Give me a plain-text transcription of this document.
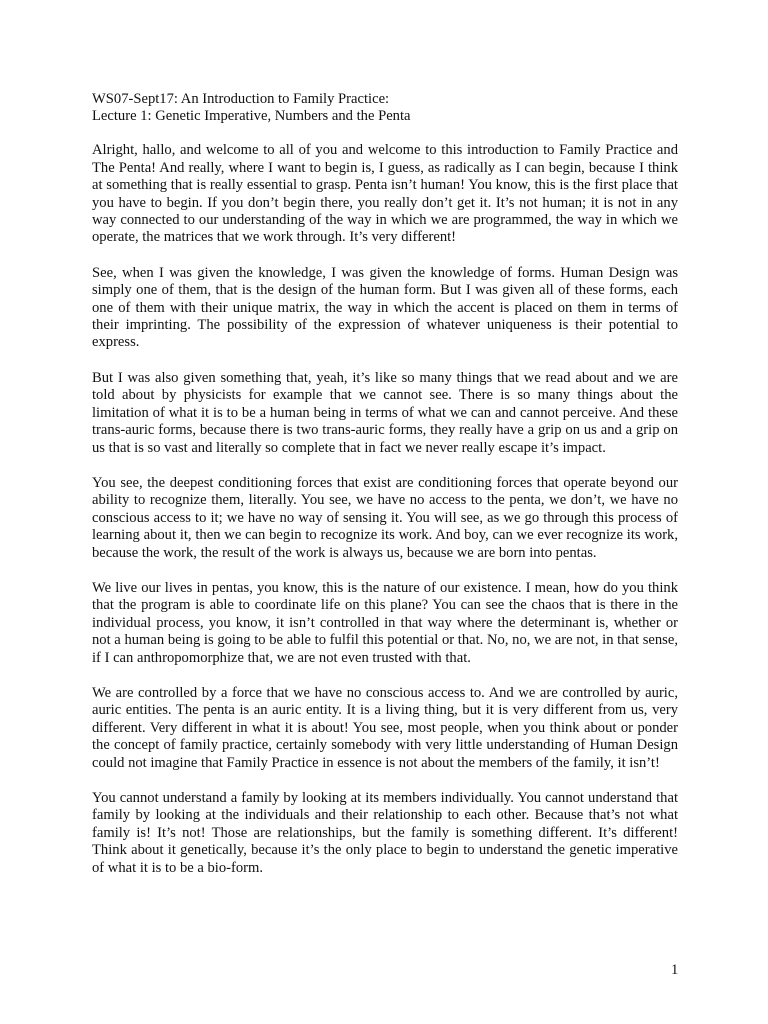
WS07-Sept17: An Introduction to Family Practice:

Lecture 1: Genetic Imperative, Numbers and the Penta

Alright, hallo, and welcome to all of you and welcome to this introduction to Family Practice and The Penta! And really, where I want to begin is, I guess, as radically as I can begin, because I think at something that is really essential to grasp. Penta isn’t human! You know, this is the first place that you have to begin. If you don’t begin there, you really don’t get it. It’s not human; it is not in any way connected to our understanding of the way in which we are programmed, the way in which we operate, the matrices that we work through. It’s very different!

See, when I was given the knowledge, I was given the knowledge of forms. Human Design was simply one of them, that is the design of the human form. But I was given all of these forms, each one of them with their unique matrix, the way in which the accent is placed on them in terms of their imprinting. The possibility of the expression of whatever uniqueness is their potential to express.

But I was also given something that, yeah, it’s like so many things that we read about and we are told about by physicists for example that we cannot see. There is so many things about the limitation of what it is to be a human being in terms of what we can and cannot perceive. And these trans-auric forms, because there is two trans-auric forms, they really have a grip on us and a grip on us that is so vast and literally so complete that in fact we never really escape it’s impact.

You see, the deepest conditioning forces that exist are conditioning forces that operate beyond our ability to recognize them, literally. You see, we have no access to the penta, we don’t, we have no conscious access to it; we have no way of sensing it. You will see, as we go through this process of learning about it, then we can begin to recognize its work. And boy, can we ever recognize its work, because the work, the result of the work is always us, because we are born into pentas.

We live our lives in pentas, you know, this is the nature of our existence. I mean, how do you think that the program is able to coordinate life on this plane? You can see the chaos that is there in the individual process, you know, it isn’t controlled in that way where the determinant is, whether or not a human being is going to be able to fulfil this potential or that. No, no, we are not, in that sense, if I can anthropomorphize that, we are not even trusted with that.

We are controlled by a force that we have no conscious access to. And we are controlled by auric, auric entities. The penta is an auric entity. It is a living thing, but it is very different from us, very different. Very different in what it is about! You see, most people, when you think about or ponder the concept of family practice, certainly somebody with very little understanding of Human Design could not imagine that Family Practice in essence is not about the members of the family, it isn’t!

You cannot understand a family by looking at its members individually. You cannot understand that family by looking at the individuals and their relationship to each other. Because that’s not what family is! It’s not! Those are relationships, but the family is something different. It’s different! Think about it genetically, because it’s the only place to begin to understand the genetic imperative of what it is to be a bio-form.

1
